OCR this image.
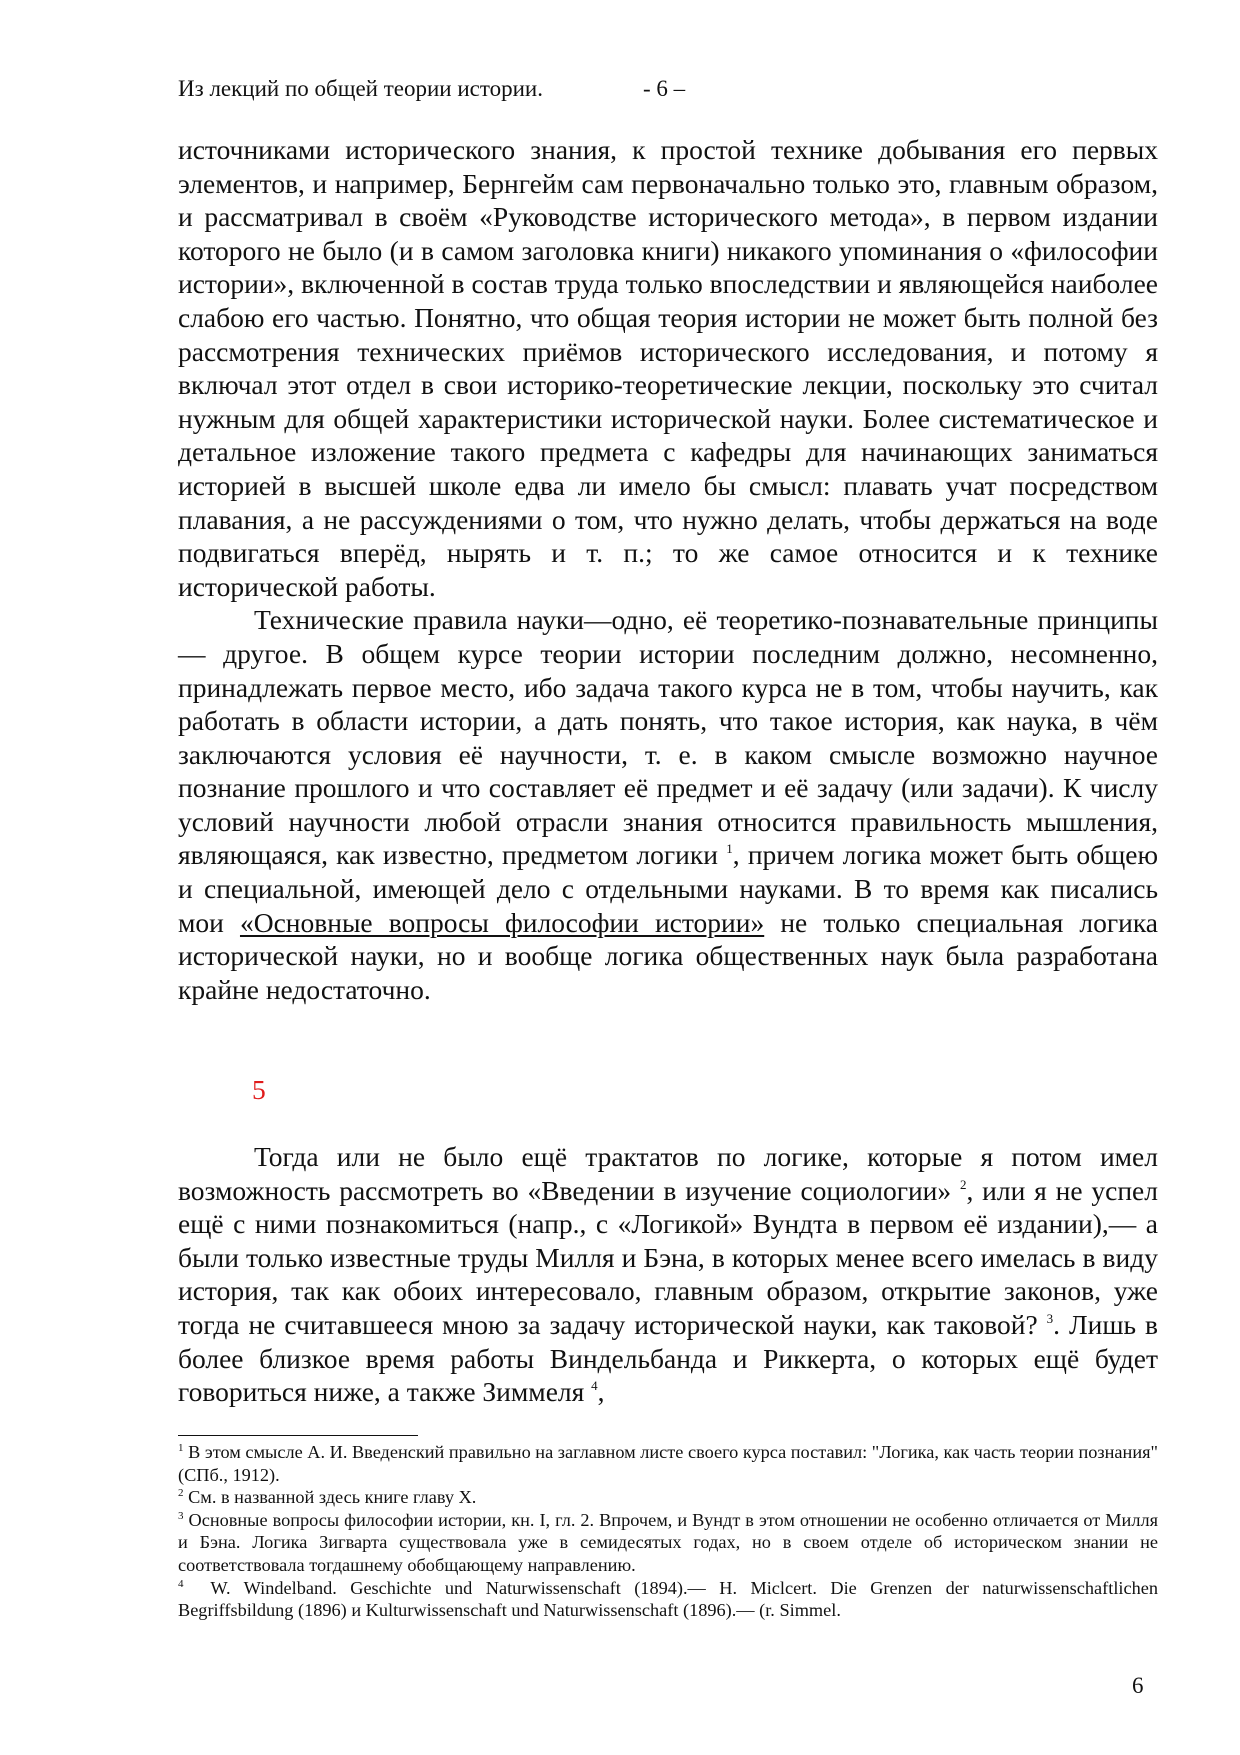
Из лекций по общей теории истории.	- 6 –

источниками исторического знания, к простой технике добывания его первых элементов, и например, Бернгейм сам первоначально только это, главным образом, и рассматривал в своём «Руководстве исторического метода», в первом издании которого не было (и в самом заголовка книги) никакого упоминания о «философии истории», включенной в состав труда только впоследствии и являющейся наиболее слабою его частью. Понятно, что общая теория истории не может быть полной без рассмотрения технических приёмов исторического исследования, и потому я включал этот отдел в свои историко-теоретические лекции, поскольку это считал нужным для общей характеристики исторической науки. Более систематическое и детальное изложение такого предмета с кафедры для начинающих заниматься историей в высшей школе едва ли имело бы смысл: плавать учат посредством плавания, а не рассуждениями о том, что нужно делать, чтобы держаться на воде подвигаться вперёд, нырять и т. п.; то же самое относится и к технике исторической работы.

Технические правила науки—одно, её теоретико-познавательные принципы — другое. В общем курсе теории истории последним должно, несомненно, принадлежать первое место, ибо задача такого курса не в том, чтобы научить, как работать в области истории, а дать понять, что такое история, как наука, в чём заключаются условия её научности, т. е. в каком смысле возможно научное познание прошлого и что составляет её предмет и её задачу (или задачи). К числу условий научности любой отрасли знания относится правильность мышления, являющаяся, как известно, предметом логики $^1$, причем логика может быть общею и специальной, имеющей дело с отдельными науками. В то время как писались мои «Основные вопросы философии истории» не только специальная логика исторической науки, но и вообще логика общественных наук была разработана крайне недостаточно.

5

Тогда или не было ещё трактатов по логике, которые я потом имел возможность рассмотреть во «Введении в изучение социологии» $^2$, или я не успел ещё с ними познакомиться (напр., с «Логикой» Вундта в первом её издании),— а были только известные труды Милля и Бэна, в которых менее всего имелась в виду история, так как обоих интересовало, главным образом, открытие законов, уже тогда не считавшееся мною за задачу исторической науки, как таковой? $^3$. Лишь в более близкое время работы Виндельбанда и Риккерта, о которых ещё будет говориться ниже, а также Зиммеля $^4$,

$^1$ В этом смысле А. И. Введенский правильно на заглавном листе своего курса поставил: "Логика, как часть теории познания" (СПб., 1912).

$^2$ См. в названной здесь книге главу X.

$^3$ Основные вопросы философии истории, кн. I, гл. 2. Впрочем, и Вундт в этом отношении не особенно отличается от Милля и Бэна. Логика Зигварта существовала уже в семидесятых годах, но в своем отделе об историческом знании не соответствовала тогдашнему обобщающему направлению.

$^4$ W. Windelband. Geschichte und Naturwissenschaft (1894).— H. Miclcert. Die Grenzen der naturwissenschaftlichen Begriffsbildung (1896) и Kulturwissenschaft und Naturwissenschaft (1896).— (r. Simmel.

6
